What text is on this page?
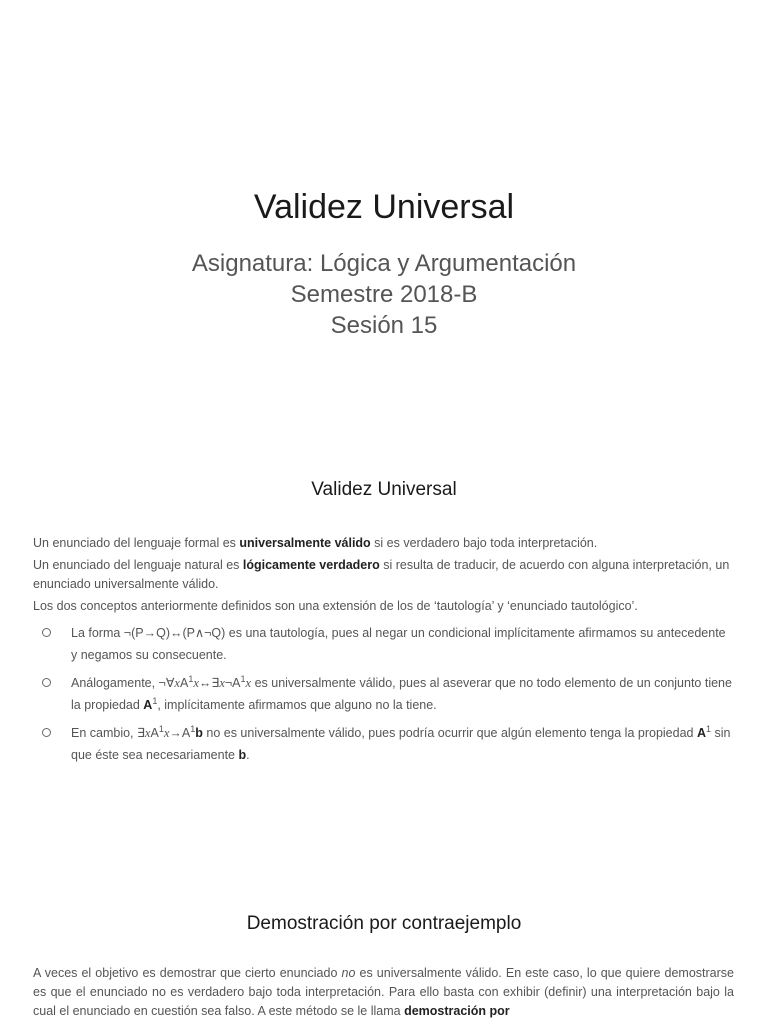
Validez Universal
Asignatura: Lógica y Argumentación
Semestre 2018-B
Sesión 15
Validez Universal

Un enunciado del lenguaje formal es universalmente válido si es verdadero bajo toda interpretación.

Un enunciado del lenguaje natural es lógicamente verdadero si resulta de traducir, de acuerdo con alguna interpretación, un enunciado universalmente válido.

Los dos conceptos anteriormente definidos son una extensión de los de ‘tautología’ y ‘enunciado tautológico’.

La forma ¬(P→Q)↔(P∧¬Q) es una tautología, pues al negar un condicional implícitamente afirmamos su antecedente y negamos su consecuente.
Análogamente, $\neg\forall xA^1x\leftrightarrow\exists x\neg A^1x$ es universalmente válido, pues al aseverar que no todo elemento de un conjunto tiene la propiedad $A^1$, implícitamente afirmamos que alguno no la tiene.
En cambio, $\exists xA^1x\to A^1b$ no es universalmente válido, pues podría ocurrir que algún elemento tenga la propiedad $A^1$ sin que éste sea necesariamente b.
Demostración por contraejemplo

A veces el objetivo es demostrar que cierto enunciado no es universalmente válido. En este caso, lo que quiere demostrarse es que el enunciado no es verdadero bajo toda interpretación. Para ello basta con exhibir (definir) una interpretación bajo la cual el enunciado en cuestión sea falso. A este método se le llama demostración por
